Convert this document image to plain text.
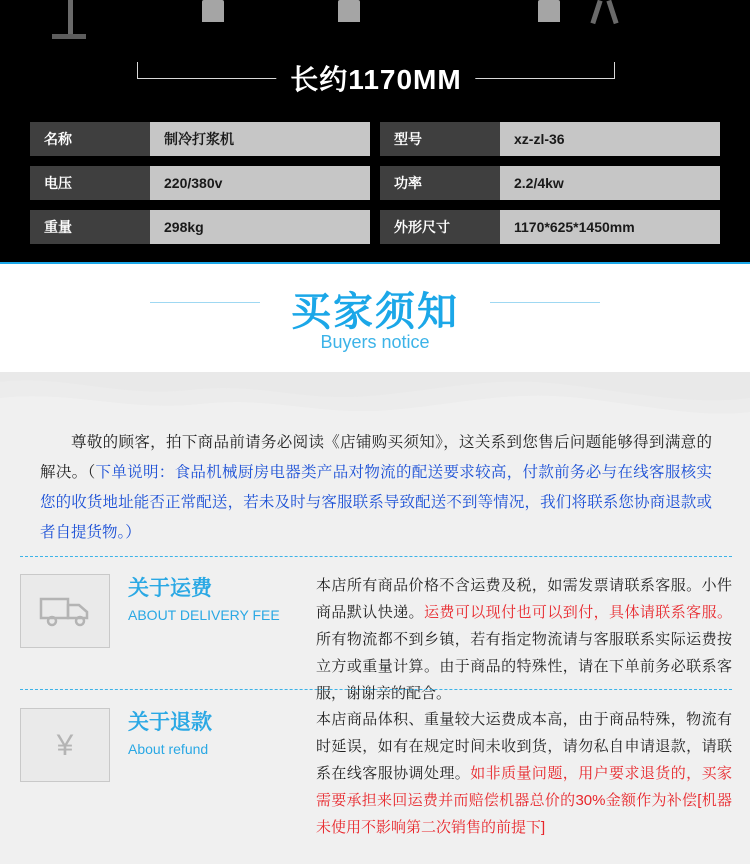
长约1170MM
名称	制冷打浆机	型号	xz-zl-36
电压	220/380v	功率	2.2/4kw
重量	298kg	外形尺寸	1170*625*1450mm
买家须知
Buyers notice
尊敬的顾客，拍下商品前请务必阅读《店铺购买须知》，这关系到您售后问题能够得到满意的解决。（下单说明：食品机械厨房电器类产品对物流的配送要求较高，付款前务必与在线客服核实您的收货地址能否正常配送，若未及时与客服联系导致配送不到等情况，我们将联系您协商退款或者自提货物。）
关于运费
ABOUT DELIVERY FEE
本店所有商品价格不含运费及税，如需发票请联系客服。小件商品默认快递。运费可以现付也可以到付，具体请联系客服。所有物流都不到乡镇，若有指定物流请与客服联系实际运费按立方或重量计算。由于商品的特殊性，请在下单前务必联系客服，谢谢亲的配合。
¥
关于退款
About refund
本店商品体积、重量较大运费成本高，由于商品特殊，物流有时延误，如有在规定时间未收到货，请勿私自申请退款，请联系在线客服协调处理。如非质量问题，用户要求退货的，买家需要承担来回运费并而赔偿机器总价的30%金额作为补偿[机器未使用不影响第二次销售的前提下]
